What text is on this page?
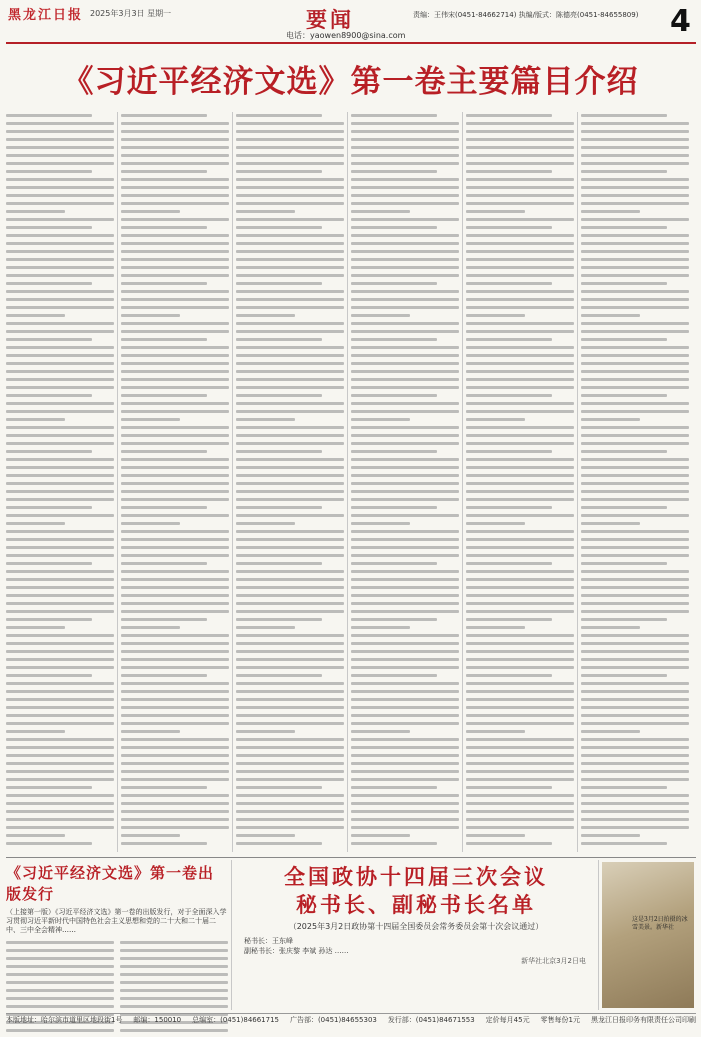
黑龙江日报 2025年3月3日 星期一	要闻
电话：yaowen8900@sina.com
责编：王伟宋(0451-84662714) 执编/版式：陈德亮(0451-84655809) 4
《习近平经济文选》第一卷主要篇目介绍
《习近平经济文选》第一卷出版发行
（上接第一版）《习近平经济文选》第一卷的出版发行，对于全面深入学习贯彻习近平新时代中国特色社会主义思想和党的二十大和二十届二中、三中全会精神……
全国政协十四届三次会议
秘书长、副秘书长名单
（2025年3月2日政协第十四届全国委员会常务委员会第十次会议通过）
秘书长：王东峰
副秘书长：张庆黎 李斌 孙达 ……
新华社北京3月2日电
这是3月2日拍摄的冰雪美景。新华社
本版地址：哈尔滨市道里区地段街1号 邮编：150010 总编室：(0451)84661715 广告部：(0451)84655303 发行部：(0451)84671553 定价每月45元 零售每份1元 黑龙江日报印务有限责任公司印刷
